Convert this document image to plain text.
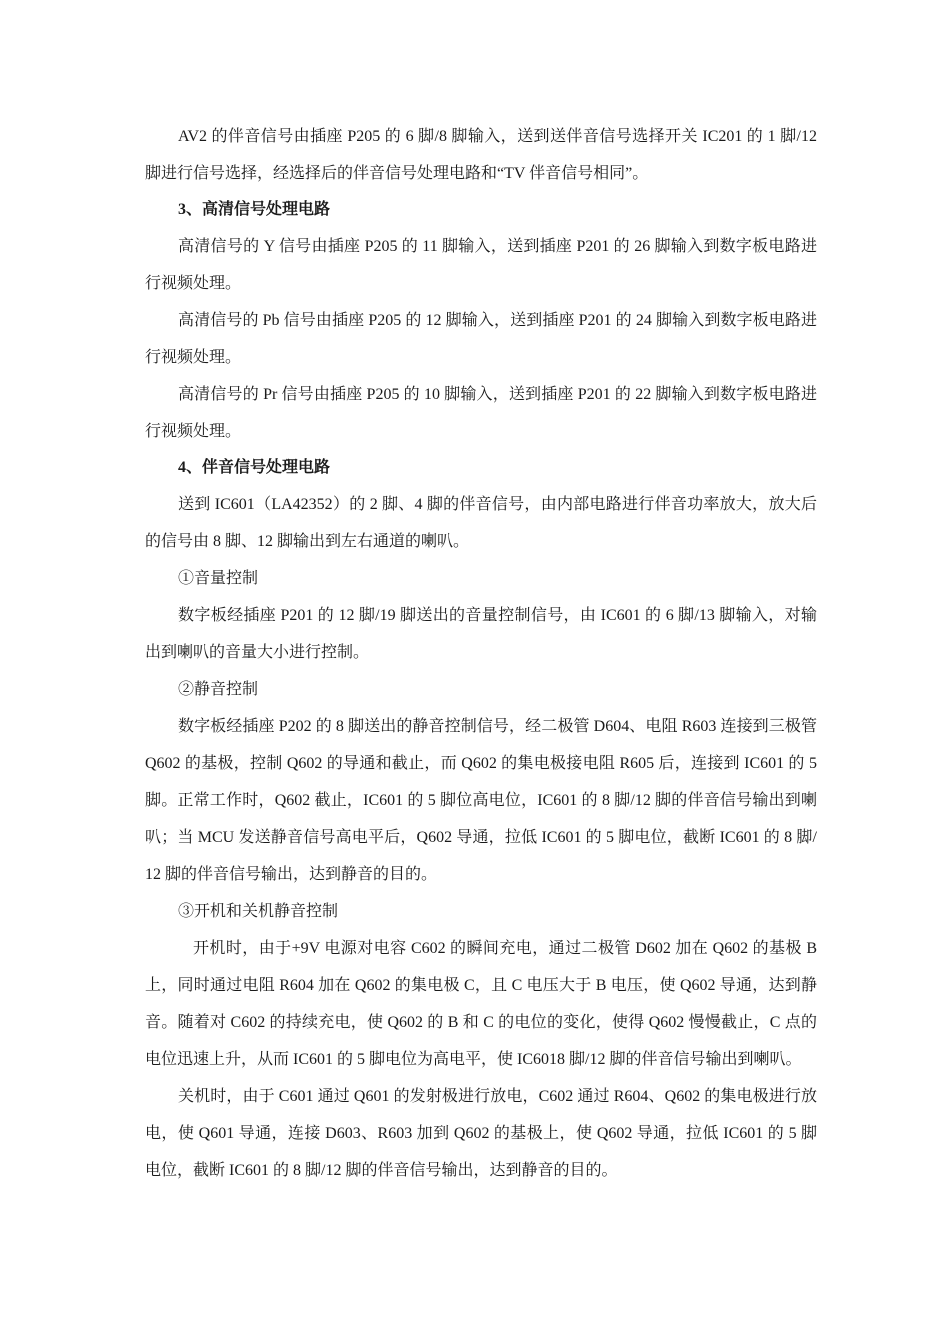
AV2 的伴音信号由插座 P205 的 6 脚/8 脚输入，送到送伴音信号选择开关 IC201 的 1 脚/12 脚进行信号选择，经选择后的伴音信号处理电路和“TV 伴音信号相同”。

3、高清信号处理电路

高清信号的 Y 信号由插座 P205 的 11 脚输入，送到插座 P201 的 26 脚输入到数字板电路进行视频处理。

高清信号的 Pb 信号由插座 P205 的 12 脚输入，送到插座 P201 的 24 脚输入到数字板电路进行视频处理。

高清信号的 Pr 信号由插座 P205 的 10 脚输入，送到插座 P201 的 22 脚输入到数字板电路进行视频处理。

4、伴音信号处理电路

送到 IC601（LA42352）的 2 脚、4 脚的伴音信号，由内部电路进行伴音功率放大，放大后的信号由 8 脚、12 脚输出到左右通道的喇叭。

①音量控制

数字板经插座 P201 的 12 脚/19 脚送出的音量控制信号，由 IC601 的 6 脚/13 脚输入，对输出到喇叭的音量大小进行控制。

②静音控制

数字板经插座 P202 的 8 脚送出的静音控制信号，经二极管 D604、电阻 R603 连接到三极管 Q602 的基极，控制 Q602 的导通和截止，而 Q602 的集电极接电阻 R605 后，连接到 IC601 的 5 脚。正常工作时，Q602 截止，IC601 的 5 脚位高电位，IC601 的 8 脚/12 脚的伴音信号输出到喇叭；当 MCU 发送静音信号高电平后，Q602 导通，拉低 IC601 的 5 脚电位，截断 IC601 的 8 脚/12 脚的伴音信号输出，达到静音的目的。

③开机和关机静音控制

开机时，由于+9V 电源对电容 C602 的瞬间充电，通过二极管 D602 加在 Q602 的基极 B 上，同时通过电阻 R604 加在 Q602 的集电极 C，且 C 电压大于 B 电压，使 Q602 导通，达到静音。随着对 C602 的持续充电，使 Q602 的 B 和 C 的电位的变化，使得 Q602 慢慢截止，C 点的电位迅速上升，从而 IC601 的 5 脚电位为高电平，使 IC6018 脚/12 脚的伴音信号输出到喇叭。

关机时，由于 C601 通过 Q601 的发射极进行放电，C602 通过 R604、Q602 的集电极进行放电，使 Q601 导通，连接 D603、R603 加到 Q602 的基极上，使 Q602 导通，拉低 IC601 的 5 脚电位，截断 IC601 的 8 脚/12 脚的伴音信号输出，达到静音的目的。
